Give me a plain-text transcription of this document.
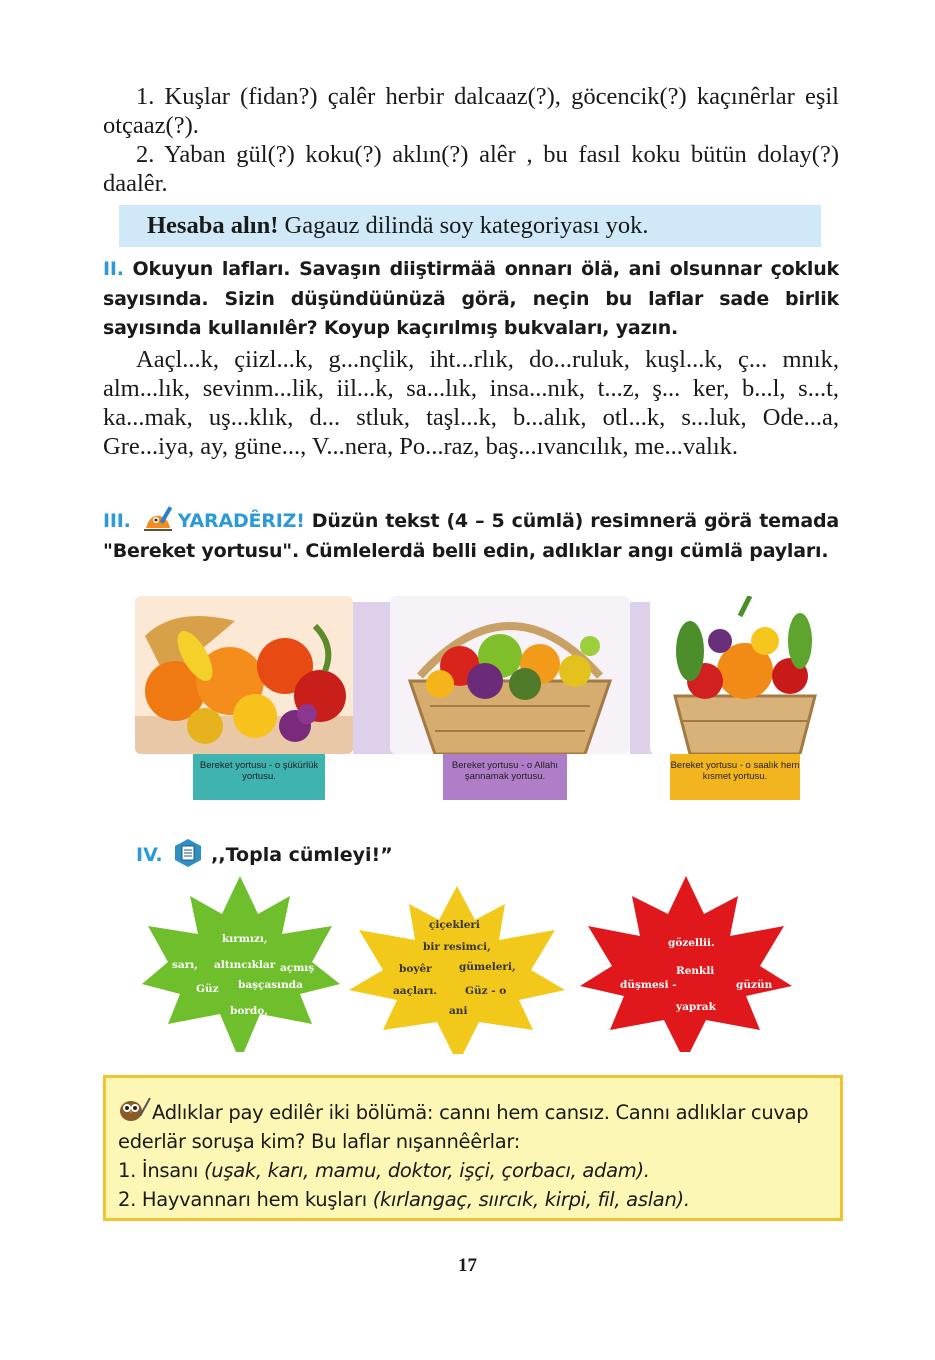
1. Kuşlar (fidan?) çalêr herbir dalcaaz(?), göcencik(?) kaçınêrlar eşil otçaaz(?).

2. Yaban gül(?) koku(?) aklın(?) alêr , bu fasıl koku bütün dolay(?) daalêr.

Hesaba alın! Gagauz dilindä soy kategoriyası yok.
II. Okuyun lafları. Savaşın diiştirmää onnarı ölä, ani olsunnar çokluk sayısında. Sizin düşündüünüzä görä, neçin bu laflar sade birlik sayısında kullanılêr? Koyup kaçırılmış bukvaları, yazın.

Aaçl...k, çiizl...k, g...nçlik, iht...rlık, do...ruluk, kuşl...k, ç... mnık, alm...lık, sevinm...lik, iil...k, sa...lık, insa...nık, t...z, ş... ker, b...l, s...t, ka...mak, uş...klık, d... stluk, taşl...k, b...alık, otl...k, s...luk, Ode...a, Gre...iya, ay, güne..., V...nera, Po...raz, baş...ıvancılık, me...valık.

III. YARADÊRIZ! Düzün tekst (4 – 5 cümlä) resimnerä görä temada "Bereket yortusu". Cümlelerdä belli edin, adlıklar angı cümlä payları.
Bereket yortusu - o şükürlük yortusu.
Bereket yortusu - o Allahı şannamak yortusu.
Bereket yortusu - o saalık hem kısmet yortusu.
IV.	,,Topla cümleyi!”
kırmızı,
sarı, altıncıklar açmış
Güz başçasında
bordo,
çiçekleri
bir resimci,
boyêr	gümeleri,
aaçları.	Güz - o
ani
gözellii.
Renkli
düşmesi -	güzün
yaprak

Adlıklar pay edilêr iki bölümä: cannı hem cansız. Cannı adlıklar cuvap ederlär soruşa kim? Bu laflar nışannêêrlar:

1. İnsanı (uşak, karı, mamu, doktor, işçi, çorbacı, adam).

2. Hayvannarı hem kuşları (kırlangaç, sıırcık, kirpi, fil, aslan).

17
